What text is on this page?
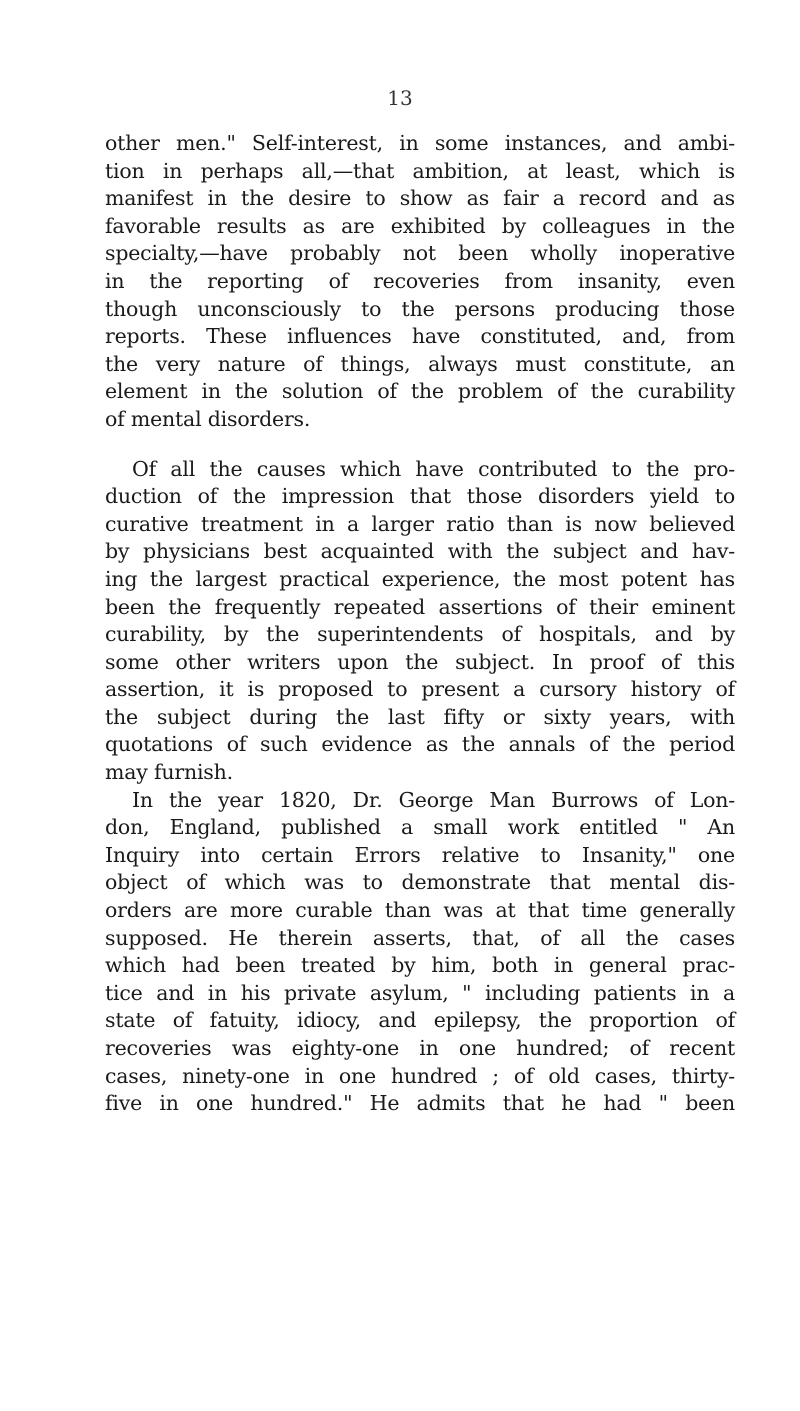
13
other men." Self-interest, in some instances, and ambi-
tion in perhaps all,—that ambition, at least, which is
manifest in the desire to show as fair a record and as
favorable results as are exhibited by colleagues in the
specialty,—have probably not been wholly inoperative
in the reporting of recoveries from insanity, even
though unconsciously to the persons producing those
reports. These influences have constituted, and, from
the very nature of things, always must constitute, an
element in the solution of the problem of the curability
of mental disorders.
Of all the causes which have contributed to the pro-
duction of the impression that those disorders yield to
curative treatment in a larger ratio than is now believed
by physicians best acquainted with the subject and hav-
ing the largest practical experience, the most potent has
been the frequently repeated assertions of their eminent
curability, by the superintendents of hospitals, and by
some other writers upon the subject. In proof of this
assertion, it is proposed to present a cursory history of
the subject during the last fifty or sixty years, with
quotations of such evidence as the annals of the period
may furnish.
In the year 1820, Dr. George Man Burrows of Lon-
don, England, published a small work entitled " An
Inquiry into certain Errors relative to Insanity," one
object of which was to demonstrate that mental dis-
orders are more curable than was at that time generally
supposed. He therein asserts, that, of all the cases
which had been treated by him, both in general prac-
tice and in his private asylum, " including patients in a
state of fatuity, idiocy, and epilepsy, the proportion of
recoveries was eighty-one in one hundred; of recent
cases, ninety-one in one hundred ; of old cases, thirty-
five in one hundred." He admits that he had " been
